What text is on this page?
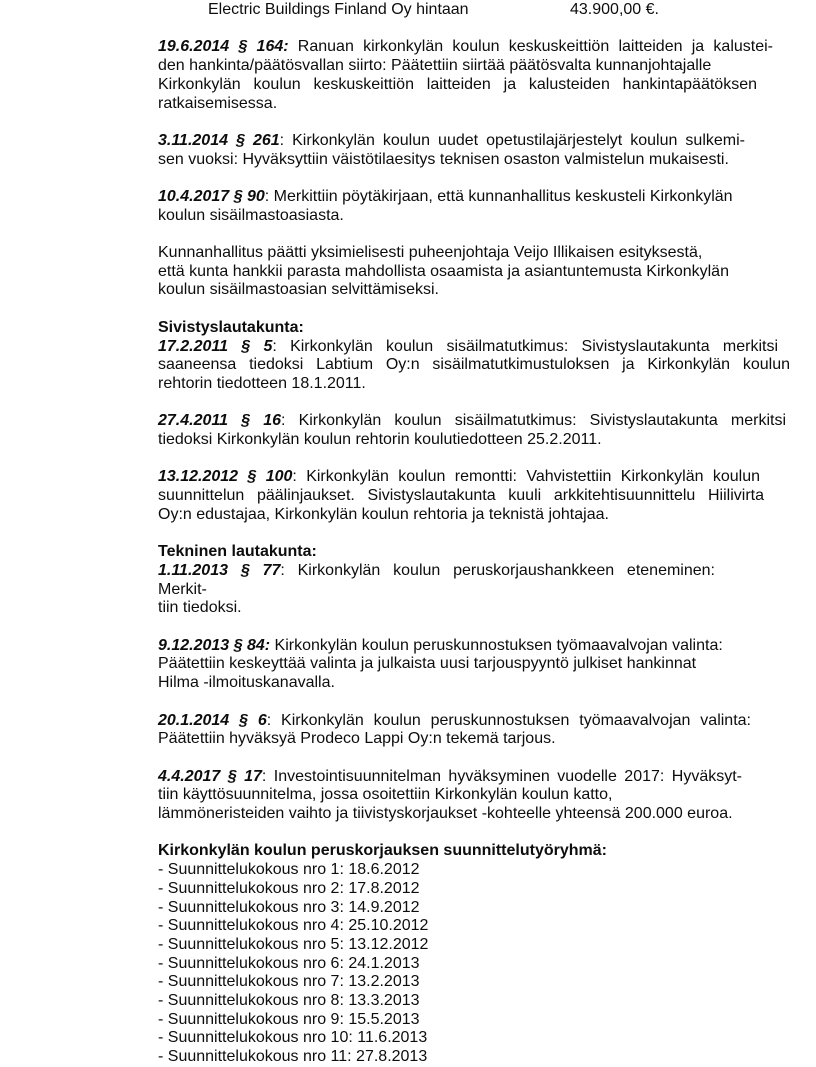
Electric Buildings Finland Oy hintaan	43.900,00 €.
19.6.2014 § 164: Ranuan kirkonkylän koulun keskuskeittiön laitteiden ja kalustei-
den hankinta/päätösvallan siirto: Päätettiin siirtää päätösvalta kunnanjohtajalle
Kirkonkylän koulun keskuskeittiön laitteiden ja kalusteiden hankintapäätöksen
ratkaisemisessa.
3.11.2014 § 261: Kirkonkylän koulun uudet opetustilajärjestelyt koulun sulkemi-
sen vuoksi: Hyväksyttiin väistötilaesitys teknisen osaston valmistelun mukaisesti.
10.4.2017 § 90: Merkittiin pöytäkirjaan, että kunnanhallitus keskusteli Kirkonkylän
koulun sisäilmastoasiasta.
Kunnanhallitus päätti yksimielisesti puheenjohtaja Veijo Illikaisen esityksestä,
että kunta hankkii parasta mahdollista osaamista ja asiantuntemusta Kirkonkylän
koulun sisäilmastoasian selvittämiseksi.
Sivistyslautakunta:
17.2.2011 § 5: Kirkonkylän koulun sisäilmatutkimus: Sivistyslautakunta merkitsi
saaneensa tiedoksi Labtium Oy:n sisäilmatutkimustuloksen ja Kirkonkylän koulun
rehtorin tiedotteen 18.1.2011.
27.4.2011 § 16: Kirkonkylän koulun sisäilmatutkimus: Sivistyslautakunta merkitsi
tiedoksi Kirkonkylän koulun rehtorin koulutiedotteen 25.2.2011.
13.12.2012 § 100: Kirkonkylän koulun remontti: Vahvistettiin Kirkonkylän koulun
suunnittelun päälinjaukset. Sivistyslautakunta kuuli arkkitehtisuunnittelu Hiilivirta
Oy:n edustajaa, Kirkonkylän koulun rehtoria ja teknistä johtajaa.
Tekninen lautakunta:
1.11.2013 § 77: Kirkonkylän koulun peruskorjaushankkeen eteneminen: Merkit-
tiin tiedoksi.
9.12.2013 § 84: Kirkonkylän koulun peruskunnostuksen työmaavalvojan valinta:
Päätettiin keskeyttää valinta ja julkaista uusi tarjouspyyntö julkiset hankinnat
Hilma -ilmoituskanavalla.
20.1.2014 § 6: Kirkonkylän koulun peruskunnostuksen työmaavalvojan valinta:
Päätettiin hyväksyä Prodeco Lappi Oy:n tekemä tarjous.
4.4.2017 § 17: Investointisuunnitelman hyväksyminen vuodelle 2017: Hyväksyt-
tiin käyttösuunnitelma, jossa osoitettiin Kirkonkylän koulun katto,
lämmöneristeiden vaihto ja tiivistyskorjaukset -kohteelle yhteensä 200.000 euroa.
Kirkonkylän koulun peruskorjauksen suunnittelutyöryhmä:
- Suunnittelukokous nro 1: 18.6.2012
- Suunnittelukokous nro 2: 17.8.2012
- Suunnittelukokous nro 3: 14.9.2012
- Suunnittelukokous nro 4: 25.10.2012
- Suunnittelukokous nro 5: 13.12.2012
- Suunnittelukokous nro 6: 24.1.2013
- Suunnittelukokous nro 7: 13.2.2013
- Suunnittelukokous nro 8: 13.3.2013
- Suunnittelukokous nro 9: 15.5.2013
- Suunnittelukokous nro 10: 11.6.2013
- Suunnittelukokous nro 11: 27.8.2013
